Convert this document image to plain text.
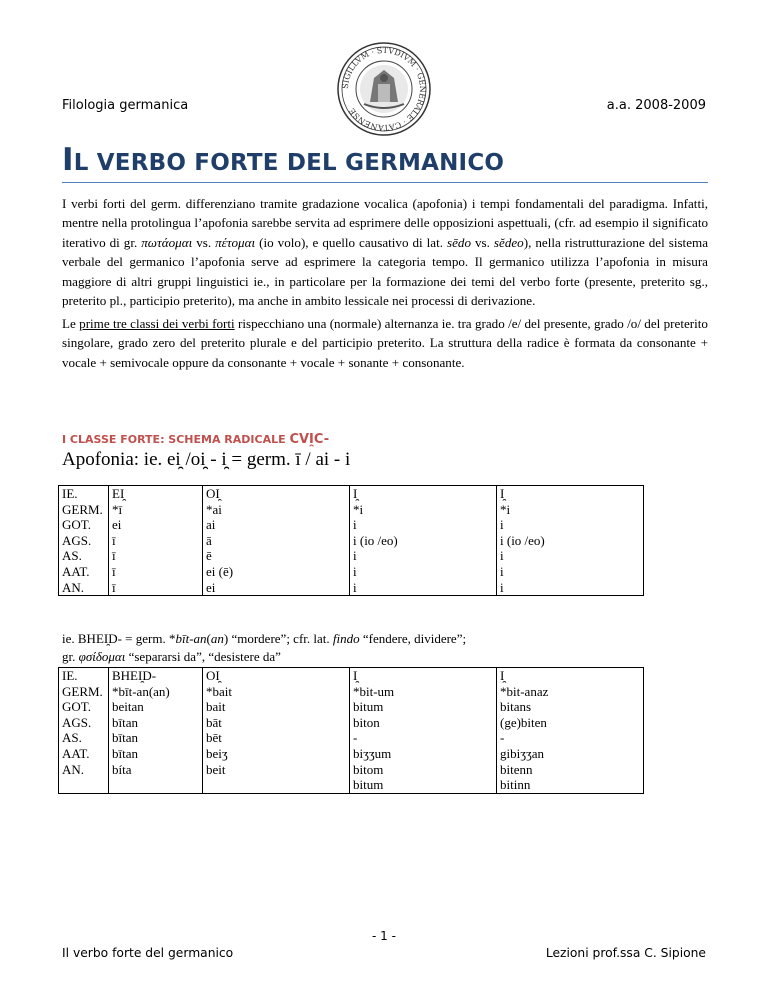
SIGILLVM · STVDIVM · GENERALE · CATANENSE
Filologia germanica	a.a. 2008-2009
IL VERBO FORTE DEL GERMANICO
I verbi forti del germ. differenziano tramite gradazione vocalica (apofonia) i tempi fondamentali del paradigma. Infatti, mentre nella protolingua l’apofonia sarebbe servita ad esprimere delle opposizioni aspettuali, (cfr. ad esempio il significato iterativo di gr. πωτάομαι vs. πέτομαι (io volo), e quello causativo di lat. sēdo vs. sĕdeo), nella ristrutturazione del sistema verbale del germanico l’apofonia serve ad esprimere la categoria tempo. Il germanico utilizza l’apofonia in misura maggiore di altri gruppi linguistici ie., in particolare per la formazione dei temi del verbo forte (presente, preterito sg., preterito pl., participio preterito), ma anche in ambito lessicale nei processi di derivazione.
Le prime tre classi dei verbi forti rispecchiano una (normale) alternanza ie. tra grado /e/ del presente, grado /o/ del preterito singolare, grado zero del preterito plurale e del participio preterito. La struttura della radice è formata da consonante + vocale + semivocale oppure da consonante + vocale + sonante + consonante.
I CLASSE FORTE: SCHEMA RADICALE CVI̯C-
Apofonia: ie. ei̯ /oi̯ - i̯ = germ. ī / ai - i
IE.	EI̯	OI̯	I̯	I̯
GERM.	*ī	*ai	*i	*i
GOT.	ei	ai	i	i
AGS.	ī	ā	i (io /eo)	i (io /eo)
AS.	ī	ē	i	i
AAT.	ī	ei (ē)	i	i
AN.	ī	ei	i	i
ie. BHEI̯D- = germ. *bīt-an(an) “mordere”; cfr. lat. findo “fendere, dividere”;
gr. φσίδομαι “separarsi da”, “desistere da”
IE.	BHEI̯D-	OI̯	I̯	I̯
GERM.	*bīt-an(an)	*bait	*bit-um	*bit-anaz
GOT.	beitan	bait	bitum	bitans
AGS.	bītan	bāt	biton	(ge)biten
AS.	bītan	bēt	-	-
AAT.	bītan	beiʒ	biʒʒum	gibiʒʒan
AN.	bíta	beit	bitom	bitenn
			bitum	bitinn
- 1 -
Il verbo forte del germanico	Lezioni prof.ssa C. Sipione
